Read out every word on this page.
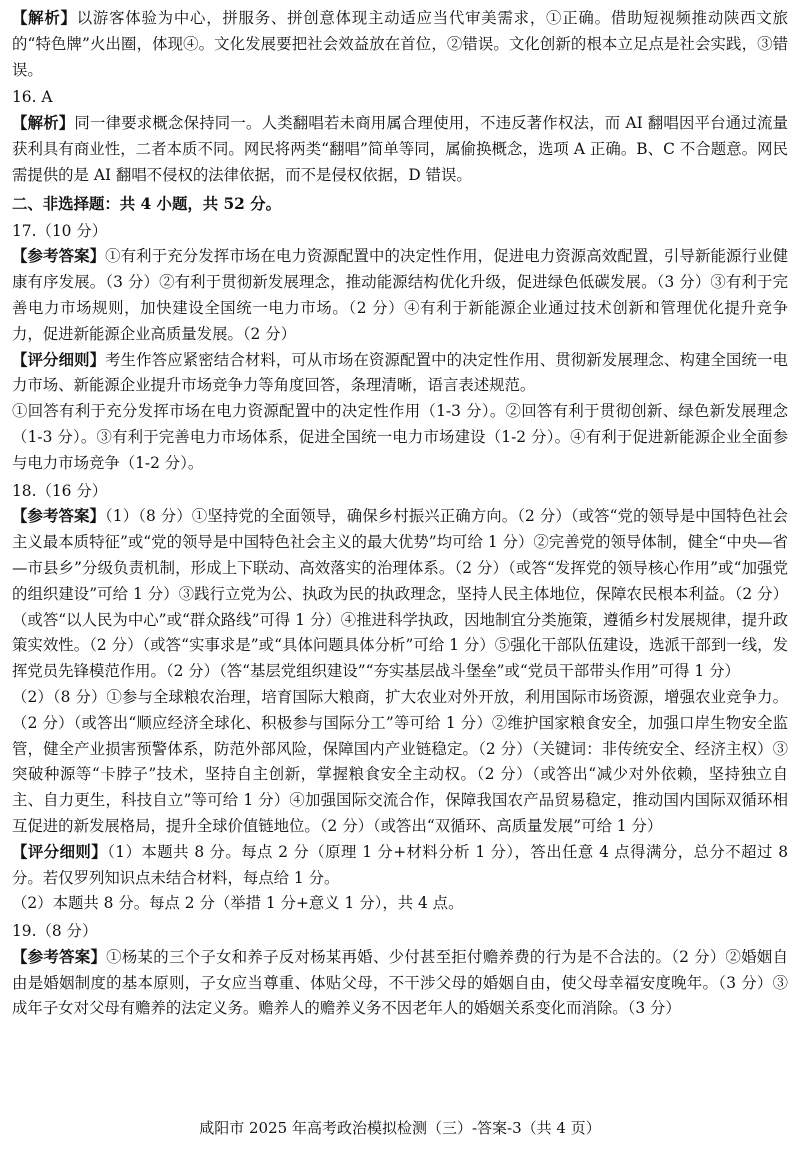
【解析】以游客体验为中心，拼服务、拼创意体现主动适应当代审美需求，①正确。借助短视频推动陕西文旅的“特色牌”火出圈，体现④。文化发展要把社会效益放在首位，②错误。文化创新的根本立足点是社会实践，③错误。
16. A
【解析】同一律要求概念保持同一。人类翻唱若未商用属合理使用，不违反著作权法，而 AI 翻唱因平台通过流量获利具有商业性，二者本质不同。网民将两类“翻唱”简单等同，属偷换概念，选项 A 正确。B、C 不合题意。网民需提供的是 AI 翻唱不侵权的法律依据，而不是侵权依据，D 错误。
二、非选择题：共 4 小题，共 52 分。
17.（10 分）
【参考答案】①有利于充分发挥市场在电力资源配置中的决定性作用，促进电力资源高效配置，引导新能源行业健康有序发展。（3 分）②有利于贯彻新发展理念，推动能源结构优化升级，促进绿色低碳发展。（3 分）③有利于完善电力市场规则，加快建设全国统一电力市场。（2 分）④有利于新能源企业通过技术创新和管理优化提升竞争力，促进新能源企业高质量发展。（2 分）
【评分细则】考生作答应紧密结合材料，可从市场在资源配置中的决定性作用、贯彻新发展理念、构建全国统一电力市场、新能源企业提升市场竞争力等角度回答，条理清晰，语言表述规范。
①回答有利于充分发挥市场在电力资源配置中的决定性作用（1-3 分）。②回答有利于贯彻创新、绿色新发展理念（1-3 分）。③有利于完善电力市场体系，促进全国统一电力市场建设（1-2 分）。④有利于促进新能源企业全面参与电力市场竞争（1-2 分）。
18.（16 分）
【参考答案】（1）（8 分）①坚持党的全面领导，确保乡村振兴正确方向。（2 分）（或答“党的领导是中国特色社会主义最本质特征”或“党的领导是中国特色社会主义的最大优势”均可给 1 分）②完善党的领导体制，健全“中央—省—市县乡”分级负责机制，形成上下联动、高效落实的治理体系。（2 分）（或答“发挥党的领导核心作用”或“加强党的组织建设”可给 1 分）③践行立党为公、执政为民的执政理念，坚持人民主体地位，保障农民根本利益。（2 分）（或答“以人民为中心”或“群众路线”可得 1 分）④推进科学执政，因地制宜分类施策，遵循乡村发展规律，提升政策实效性。（2 分）（或答“实事求是”或“具体问题具体分析”可给 1 分）⑤强化干部队伍建设，选派干部到一线，发挥党员先锋模范作用。（2 分）（答“基层党组织建设”“夯实基层战斗堡垒”或“党员干部带头作用”可得 1 分）
（2）（8 分）①参与全球粮农治理，培育国际大粮商，扩大农业对外开放，利用国际市场资源，增强农业竞争力。（2 分）（或答出“顺应经济全球化、积极参与国际分工”等可给 1 分）②维护国家粮食安全，加强口岸生物安全监管，健全产业损害预警体系，防范外部风险，保障国内产业链稳定。（2 分）（关键词：非传统安全、经济主权）③突破种源等“卡脖子”技术，坚持自主创新，掌握粮食安全主动权。（2 分）（或答出“减少对外依赖，坚持独立自主、自力更生，科技自立”等可给 1 分）④加强国际交流合作，保障我国农产品贸易稳定，推动国内国际双循环相互促进的新发展格局，提升全球价值链地位。（2 分）（或答出“双循环、高质量发展”可给 1 分）
【评分细则】（1）本题共 8 分。每点 2 分（原理 1 分+材料分析 1 分），答出任意 4 点得满分，总分不超过 8 分。若仅罗列知识点未结合材料，每点给 1 分。
（2）本题共 8 分。每点 2 分（举措 1 分+意义 1 分），共 4 点。
19.（8 分）
【参考答案】①杨某的三个子女和养子反对杨某再婚、少付甚至拒付赡养费的行为是不合法的。（2 分）②婚姻自由是婚姻制度的基本原则，子女应当尊重、体贴父母，不干涉父母的婚姻自由，使父母幸福安度晚年。（3 分）③成年子女对父母有赡养的法定义务。赡养人的赡养义务不因老年人的婚姻关系变化而消除。（3 分）
咸阳市 2025 年高考政治模拟检测（三）-答案-3（共 4 页）
